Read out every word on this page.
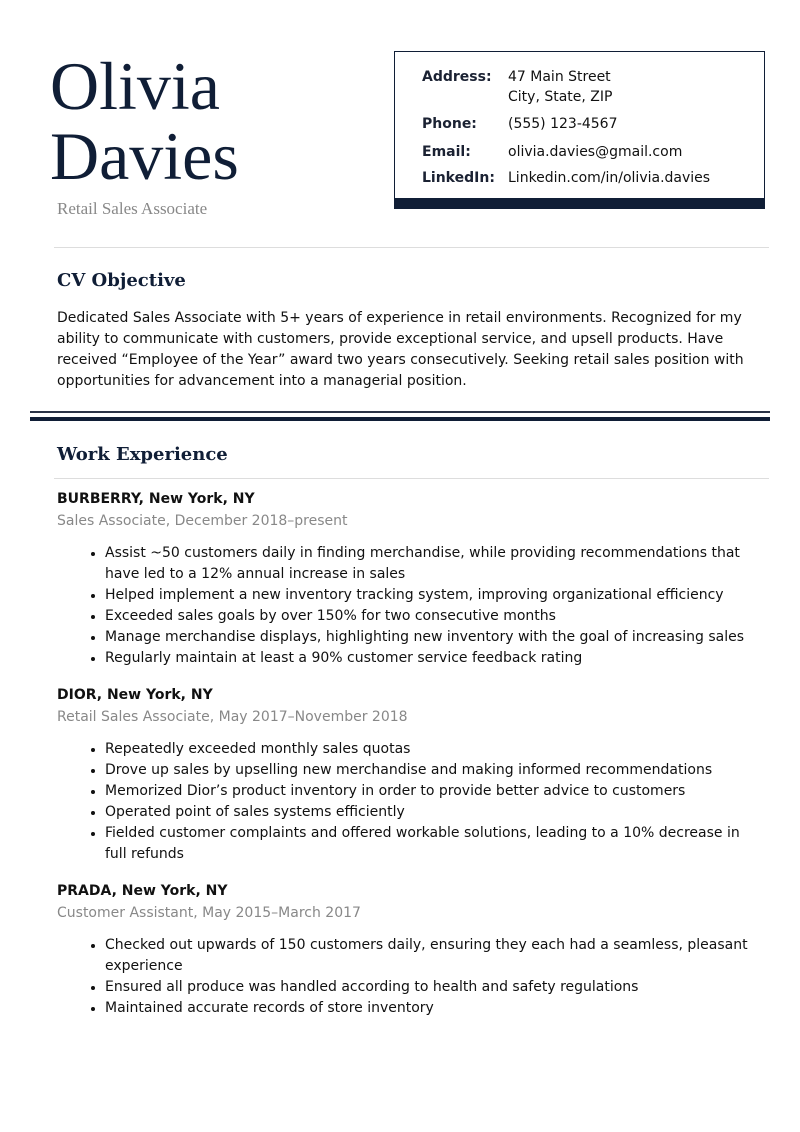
Olivia
Davies
Retail Sales Associate
Address: 47 Main Street
City, State, ZIP
Phone: (555) 123-4567
Email:	olivia.davies@gmail.com
LinkedIn: Linkedin.com/in/olivia.davies
CV Objective

Dedicated Sales Associate with 5+ years of experience in retail environments. Recognized for my ability to communicate with customers, provide exceptional service, and upsell products. Have received “Employee of the Year” award two years consecutively. Seeking retail sales position with opportunities for advancement into a managerial position.

Work Experience
BURBERRY, New York, NY
Sales Associate, December 2018–present
• Assist ~50 customers daily in finding merchandise, while providing recommendations that have led to a 12% annual increase in sales
• Helped implement a new inventory tracking system, improving organizational efficiency
• Exceeded sales goals by over 150% for two consecutive months
• Manage merchandise displays, highlighting new inventory with the goal of increasing sales
• Regularly maintain at least a 90% customer service feedback rating
DIOR, New York, NY
Retail Sales Associate, May 2017–November 2018
• Repeatedly exceeded monthly sales quotas
• Drove up sales by upselling new merchandise and making informed recommendations
• Memorized Dior’s product inventory in order to provide better advice to customers
• Operated point of sales systems efficiently
• Fielded customer complaints and offered workable solutions, leading to a 10% decrease in full refunds
PRADA, New York, NY
Customer Assistant, May 2015–March 2017
• Checked out upwards of 150 customers daily, ensuring they each had a seamless, pleasant experience
• Ensured all produce was handled according to health and safety regulations
• Maintained accurate records of store inventory
